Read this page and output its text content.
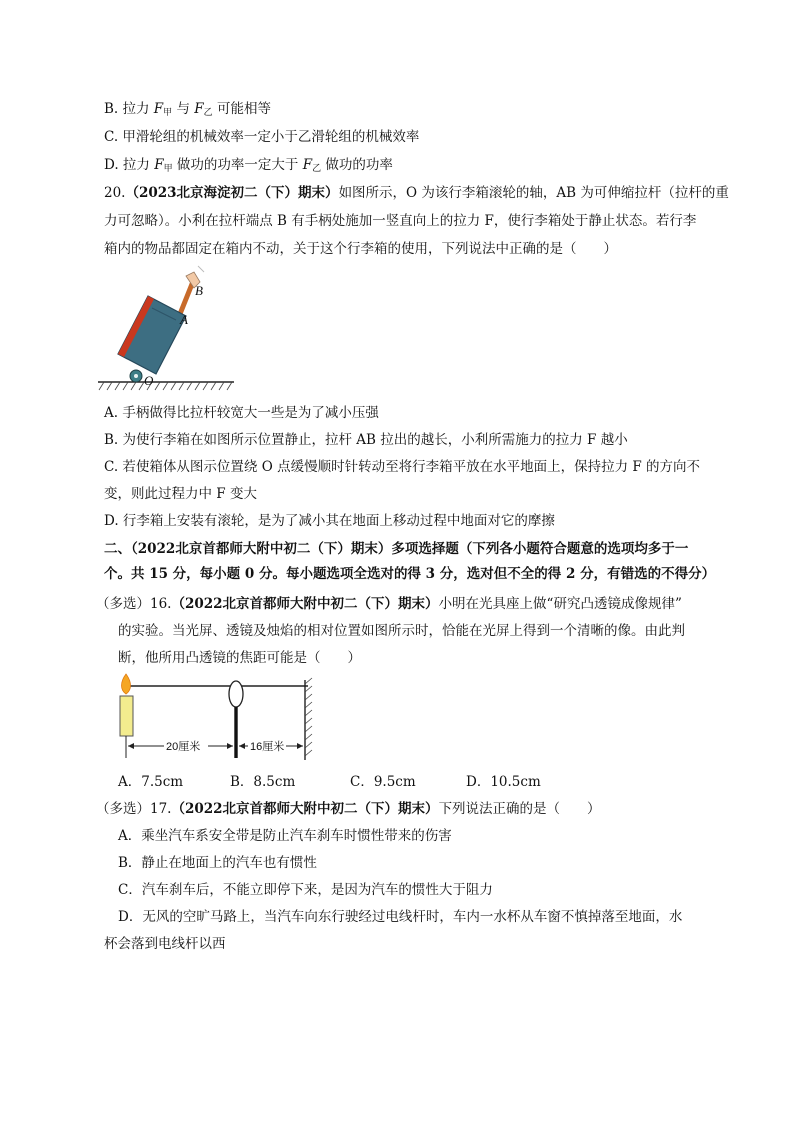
B. 拉力 $F_甲$ 与 $F_乙$ 可能相等
C. 甲滑轮组的机械效率一定小于乙滑轮组的机械效率
D. 拉力 $F_甲$ 做功的功率一定大于 $F_乙$ 做功的功率
20.（2023北京海淀初二（下）期末）如图所示，O 为该行李箱滚轮的轴，AB 为可伸缩拉杆（拉杆的重
力可忽略）。小利在拉杆端点 B 有手柄处施加一竖直向上的拉力 F，使行李箱处于静止状态。若行李
箱内的物品都固定在箱内不动，关于这个行李箱的使用，下列说法中正确的是（　　）
B
A
O
A. 手柄做得比拉杆较宽大一些是为了减小压强
B. 为使行李箱在如图所示位置静止，拉杆 AB 拉出的越长，小利所需施力的拉力 F 越小
C. 若使箱体从图示位置绕 O 点缓慢顺时针转动至将行李箱平放在水平地面上，保持拉力 F 的方向不
变，则此过程力中 F 变大
D. 行李箱上安装有滚轮，是为了减小其在地面上移动过程中地面对它的摩擦
二、（2022北京首都师大附中初二（下）期末）多项选择题（下列各小题符合题意的选项均多于一
个。共 15 分，每小题 0 分。每小题选项全选对的得 3 分，选对但不全的得 2 分，有错选的不得分）
（多选）16.（2022北京首都师大附中初二（下）期末）小明在光具座上做“研究凸透镜成像规律”
的实验。当光屏、透镜及烛焰的相对位置如图所示时，恰能在光屏上得到一个清晰的像。由此判
断，他所用凸透镜的焦距可能是（　　）
20厘米	16厘米
A．7.5cm	B．8.5cm	C．9.5cm	D．10.5cm
（多选）17.（2022北京首都师大附中初二（下）期末）下列说法正确的是（　　）
A．乘坐汽车系安全带是防止汽车刹车时惯性带来的伤害
B．静止在地面上的汽车也有惯性
C．汽车刹车后，不能立即停下来，是因为汽车的惯性大于阻力
D．无风的空旷马路上，当汽车向东行驶经过电线杆时，车内一水杯从车窗不慎掉落至地面，水
杯会落到电线杆以西
